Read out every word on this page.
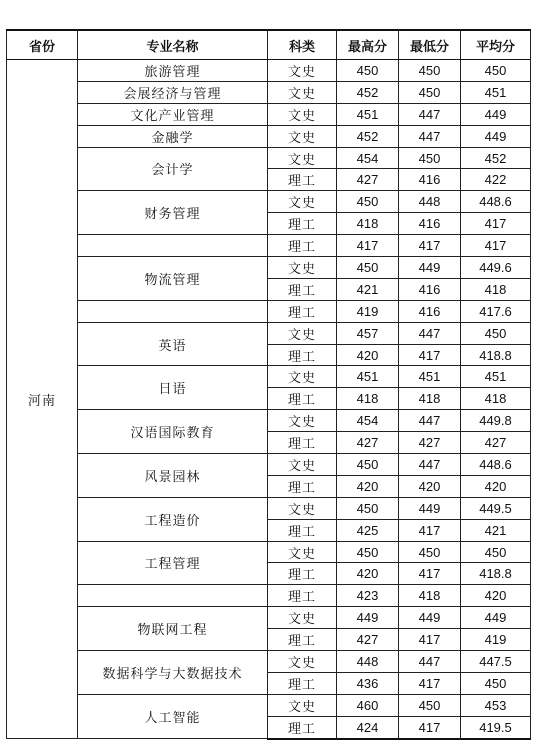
省份	专业名称	科类	最高分	最低分	平均分
河南	旅游管理	文史	450	450	450
	会展经济与管理	文史	452	450	451
	文化产业管理	文史	451	447	449
	金融学	文史	452	447	449
	会计学	文史	454	450	452
		理工	427	416	422
	财务管理	文史	450	448	448.6
		理工	418	416	417
		理工	417	417	417
	物流管理	文史	450	449	449.6
		理工	421	416	418
		理工	419	416	417.6
	英语	文史	457	447	450
		理工	420	417	418.8
	日语	文史	451	451	451
		理工	418	418	418
	汉语国际教育	文史	454	447	449.8
		理工	427	427	427
	风景园林	文史	450	447	448.6
		理工	420	420	420
	工程造价	文史	450	449	449.5
		理工	425	417	421
	工程管理	文史	450	450	450
		理工	420	417	418.8
		理工	423	418	420
	物联网工程	文史	449	449	449
		理工	427	417	419
	数据科学与大数据技术	文史	448	447	447.5
		理工	436	417	450
	人工智能	文史	460	450	453
		理工	424	417	419.5
